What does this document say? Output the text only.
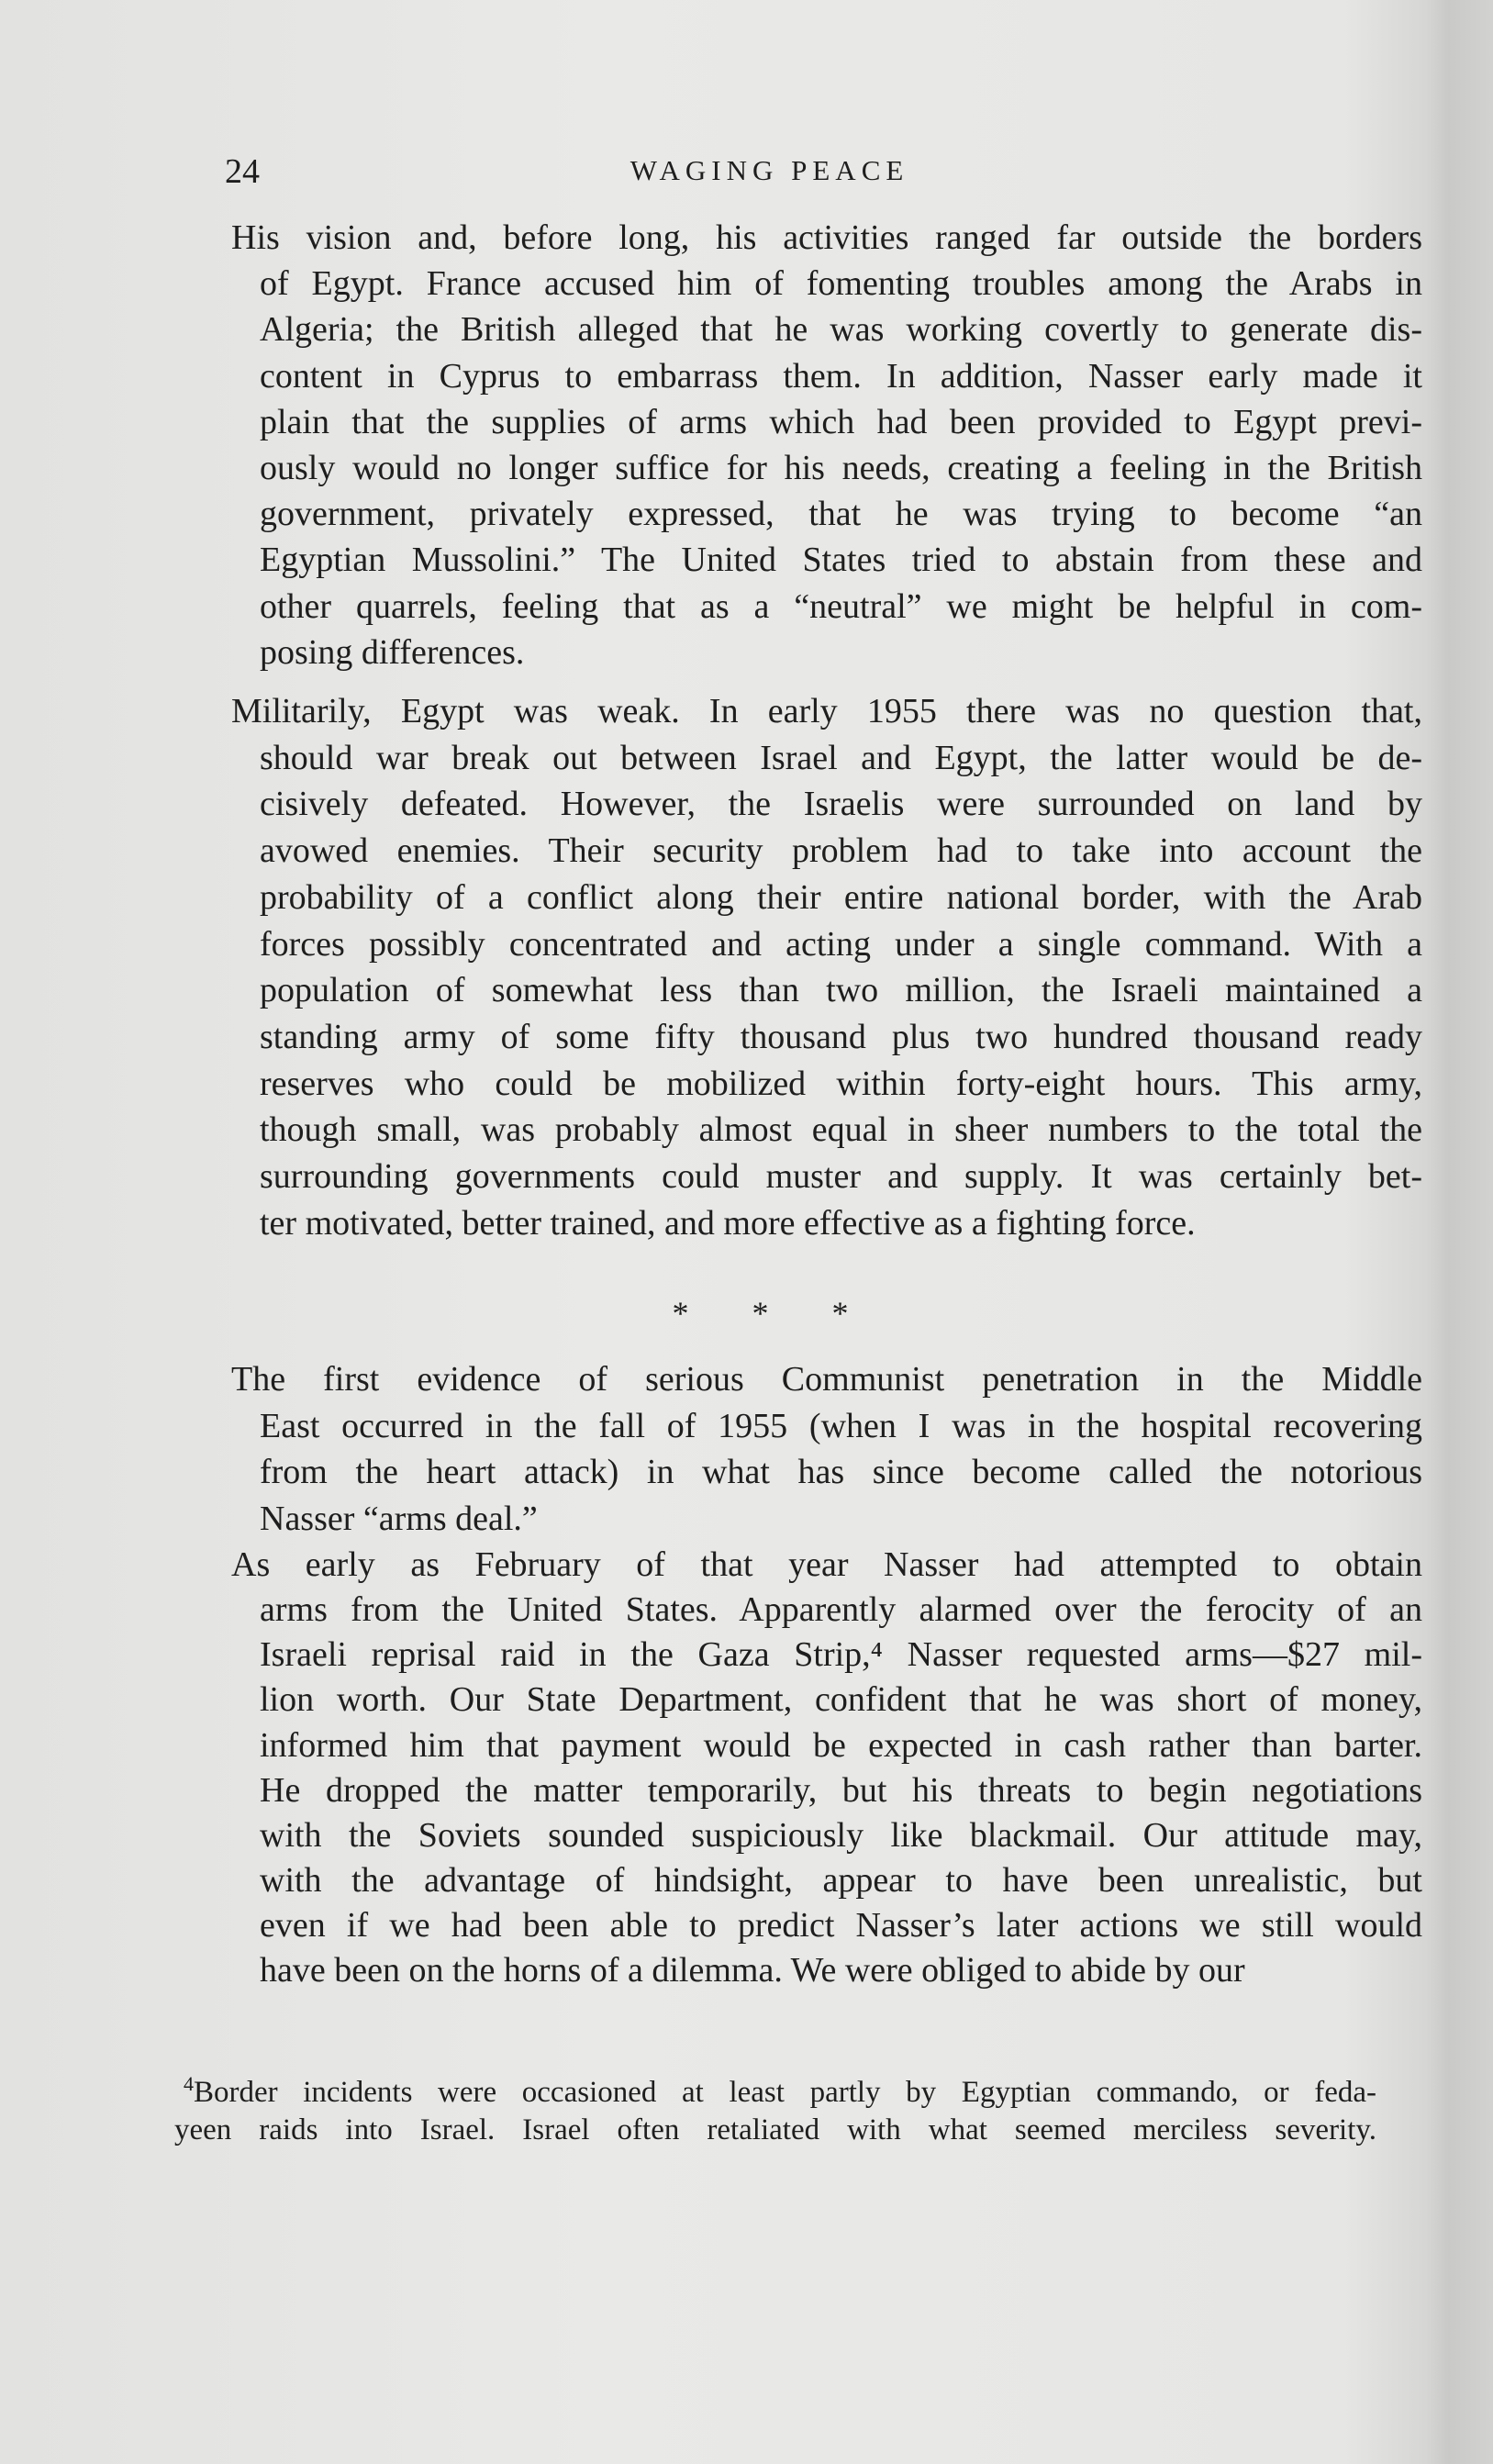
24	WAGING PEACE
His vision and, before long, his activities ranged far outside the borders
of Egypt. France accused him of fomenting troubles among the Arabs in
Algeria; the British alleged that he was working covertly to generate dis-
content in Cyprus to embarrass them. In addition, Nasser early made it
plain that the supplies of arms which had been provided to Egypt previ-
ously would no longer suffice for his needs, creating a feeling in the British
government, privately expressed, that he was trying to become “an
Egyptian Mussolini.” The United States tried to abstain from these and
other quarrels, feeling that as a “neutral” we might be helpful in com-
posing differences.
Militarily, Egypt was weak. In early 1955 there was no question that,
should war break out between Israel and Egypt, the latter would be de-
cisively defeated. However, the Israelis were surrounded on land by
avowed enemies. Their security problem had to take into account the
probability of a conflict along their entire national border, with the Arab
forces possibly concentrated and acting under a single command. With a
population of somewhat less than two million, the Israeli maintained a
standing army of some fifty thousand plus two hundred thousand ready
reserves who could be mobilized within forty-eight hours. This army,
though small, was probably almost equal in sheer numbers to the total the
surrounding governments could muster and supply. It was certainly bet-
ter motivated, better trained, and more effective as a fighting force.
The first evidence of serious Communist penetration in the Middle
East occurred in the fall of 1955 (when I was in the hospital recovering
from the heart attack) in what has since become called the notorious
Nasser “arms deal.”
As early as February of that year Nasser had attempted to obtain
arms from the United States. Apparently alarmed over the ferocity of an
Israeli reprisal raid in the Gaza Strip,⁴ Nasser requested arms—$27 mil-
lion worth. Our State Department, confident that he was short of money,
informed him that payment would be expected in cash rather than barter.
He dropped the matter temporarily, but his threats to begin negotiations
with the Soviets sounded suspiciously like blackmail. Our attitude may,
with the advantage of hindsight, appear to have been unrealistic, but
even if we had been able to predict Nasser’s later actions we still would
have been on the horns of a dilemma. We were obliged to abide by our
* * *
$^4$Border incidents were occasioned at least partly by Egyptian commando, or feda-
yeen raids into Israel. Israel often retaliated with what seemed merciless severity.
